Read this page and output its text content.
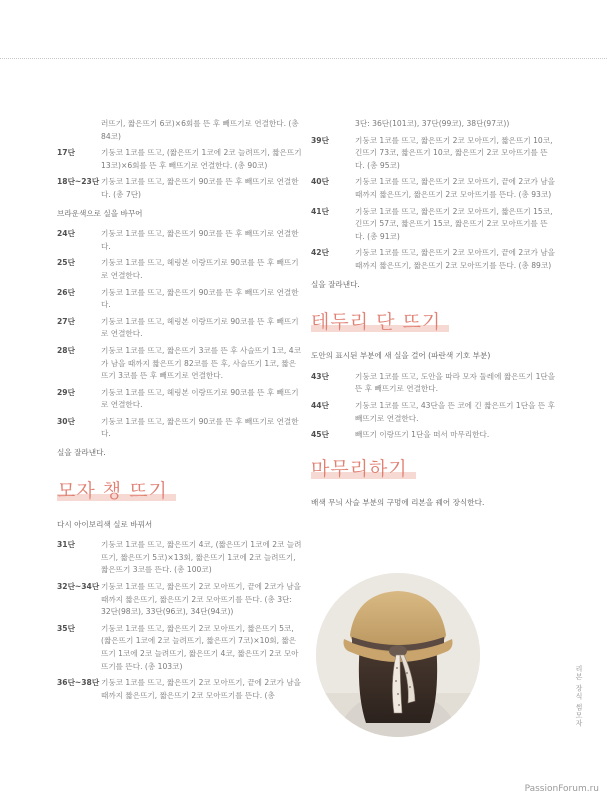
러뜨기, 짧은뜨기 6코)×6회를 뜬 후 빼뜨기로 연결한다. (총 84코)
17단	기둥코 1코를 뜨고, (짧은뜨기 1코에 2코 늘려뜨기, 짧은뜨기 13코)×6회를 뜬 후 빼뜨기로 연결한다. (총 90코)
18단~23단 기둥코 1코를 뜨고, 짧은뜨기 90코를 뜬 후 빼뜨기로 연결한다. (총 7단)
브라운색으로 실을 바꾸어
24단	기둥코 1코를 뜨고, 짧은뜨기 90코를 뜬 후 빼뜨기로 연결한다.
25단	기둥코 1코를 뜨고, 헤링본 이랑뜨기로 90코를 뜬 후 빼뜨기로 연결한다.
26단	기둥코 1코를 뜨고, 짧은뜨기 90코를 뜬 후 빼뜨기로 연결한다.
27단	기둥코 1코를 뜨고, 헤링본 이랑뜨기로 90코를 뜬 후 빼뜨기로 연결한다.
28단	기둥코 1코를 뜨고, 짧은뜨기 3코를 뜬 후 사슬뜨기 1코, 4코가 남을 때까지 짧은뜨기 82코를 뜬 후, 사슬뜨기 1코, 짧은뜨기 3코를 뜬 후 빼뜨기로 연결한다.
29단	기둥코 1코를 뜨고, 헤링본 이랑뜨기로 90코를 뜬 후 빼뜨기로 연결한다.
30단	기둥코 1코를 뜨고, 짧은뜨기 90코를 뜬 후 빼뜨기로 연결한다.
실을 잘라낸다.
모자 챙 뜨기
다시 아이보리색 실로 바꿔서
31단	기둥코 1코를 뜨고, 짧은뜨기 4코, (짧은뜨기 1코에 2코 늘려뜨기, 짧은뜨기 5코)×13회, 짧은뜨기 1코에 2코 늘려뜨기, 짧은뜨기 3코를 뜬다. (총 100코)
32단~34단 기둥코 1코를 뜨고, 짧은뜨기 2코 모아뜨기, 끝에 2코가 남을 때까지 짧은뜨기, 짧은뜨기 2코 모아뜨기를 뜬다. (총 3단: 32단(98코), 33단(96코), 34단(94코))
35단	기둥코 1코를 뜨고, 짧은뜨기 2코 모아뜨기, 짧은뜨기 5코, (짧은뜨기 1코에 2코 늘려뜨기, 짧은뜨기 7코)×10회, 짧은뜨기 1코에 2코 늘려뜨기, 짧은뜨기 4코, 짧은뜨기 2코 모아뜨기를 뜬다. (총 103코)
36단~38단 기둥코 1코를 뜨고, 짧은뜨기 2코 모아뜨기, 끝에 2코가 남을 때까지 짧은뜨기, 짧은뜨기 2코 모아뜨기를 뜬다. (총
3단: 36단(101코), 37단(99코), 38단(97코))
39단	기둥코 1코를 뜨고, 짧은뜨기 2코 모아뜨기, 짧은뜨기 10코, 긴뜨기 73코, 짧은뜨기 10코, 짧은뜨기 2코 모아뜨기를 뜬다. (총 95코)
40단	기둥코 1코를 뜨고, 짧은뜨기 2코 모아뜨기, 끝에 2코가 남을 때까지 짧은뜨기, 짧은뜨기 2코 모아뜨기를 뜬다. (총 93코)
41단	기둥코 1코를 뜨고, 짧은뜨기 2코 모아뜨기, 짧은뜨기 15코, 긴뜨기 57코, 짧은뜨기 15코, 짧은뜨기 2코 모아뜨기를 뜬다. (총 91코)
42단	기둥코 1코를 뜨고, 짧은뜨기 2코 모아뜨기, 끝에 2코가 남을 때까지 짧은뜨기, 짧은뜨기 2코 모아뜨기를 뜬다. (총 89코)
실을 잘라낸다.
테두리 단 뜨기
도안의 표시된 부분에 새 실을 걸어 (파란색 기호 부분)
43단	기둥코 1코를 뜨고, 도안을 따라 모자 둘레에 짧은뜨기 1단을 뜬 후 빼뜨기로 연결한다.
44단	기둥코 1코를 뜨고, 43단을 뜬 코에 긴 짧은뜨기 1단을 뜬 후 빼뜨기로 연결한다.
45단	빼뜨기 이랑뜨기 1단을 떠서 마무리한다.
마무리하기
배색 무늬 사슬 부분의 구멍에 리본을 꿰어 장식한다.
리본 장식 썸모자
PassionForum.ru
